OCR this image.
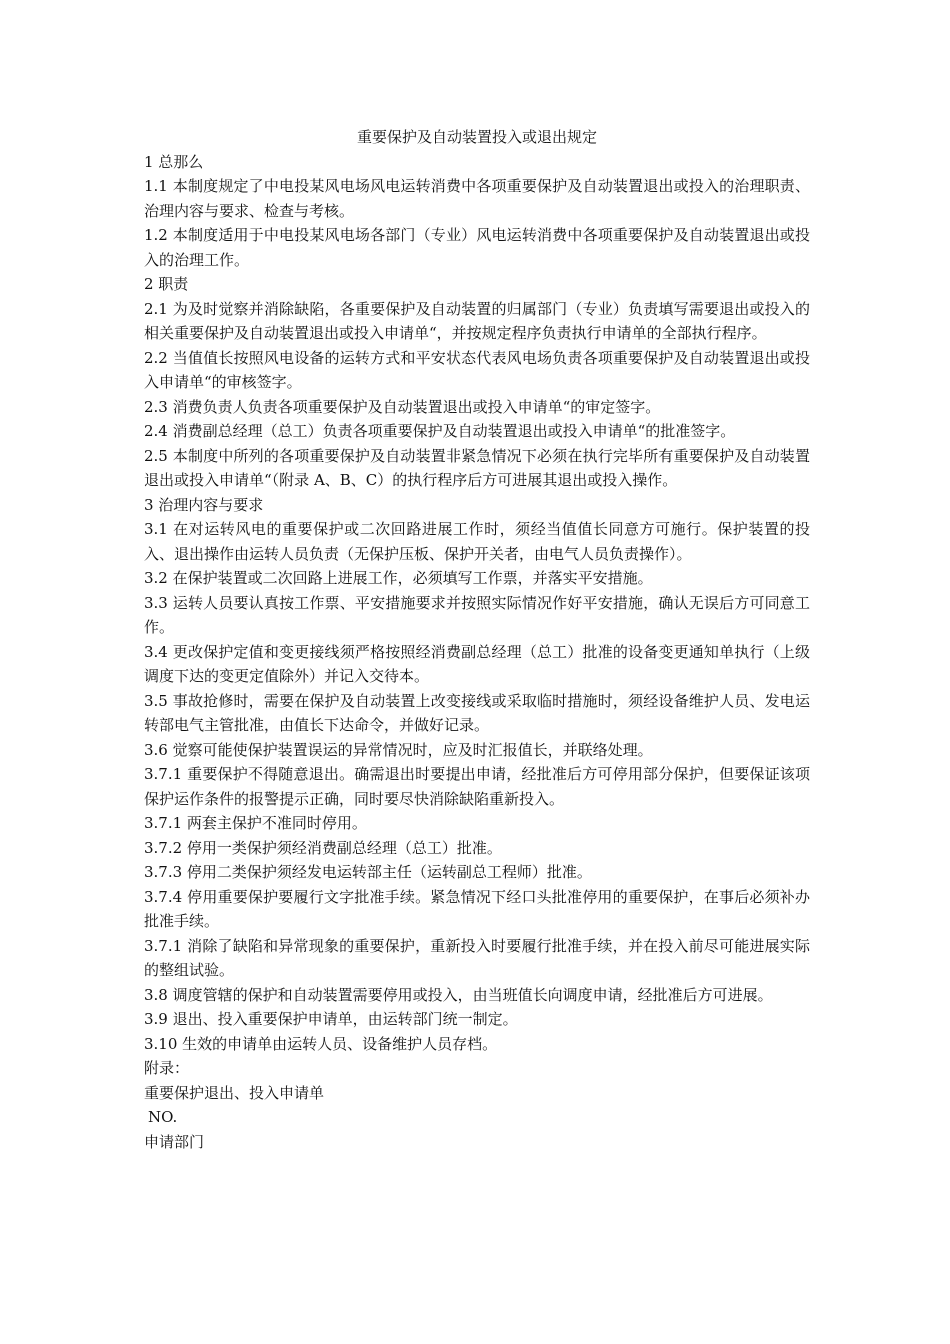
重要保护及自动装置投入或退出规定

1 总那么

1.1 本制度规定了中电投某风电场风电运转消费中各项重要保护及自动装置退出或投入的治理职责、治理内容与要求、检查与考核。

1.2 本制度适用于中电投某风电场各部门（专业）风电运转消费中各项重要保护及自动装置退出或投入的治理工作。

2 职责

2.1 为及时觉察并消除缺陷，各重要保护及自动装置的归属部门（专业）负责填写需要退出或投入的相关重要保护及自动装置退出或投入申请单“，并按规定程序负责执行申请单的全部执行程序。

2.2 当值值长按照风电设备的运转方式和平安状态代表风电场负责各项重要保护及自动装置退出或投入申请单“的审核签字。

2.3 消费负责人负责各项重要保护及自动装置退出或投入申请单“的审定签字。

2.4 消费副总经理（总工）负责各项重要保护及自动装置退出或投入申请单“的批准签字。

2.5 本制度中所列的各项重要保护及自动装置非紧急情况下必须在执行完毕所有重要保护及自动装置退出或投入申请单“（附录 A、B、C）的执行程序后方可进展其退出或投入操作。

3 治理内容与要求

3.1 在对运转风电的重要保护或二次回路进展工作时，须经当值值长同意方可施行。保护装置的投入、退出操作由运转人员负责（无保护压板、保护开关者，由电气人员负责操作）。

3.2 在保护装置或二次回路上进展工作，必须填写工作票，并落实平安措施。

3.3 运转人员要认真按工作票、平安措施要求并按照实际情况作好平安措施，确认无误后方可同意工作。

3.4 更改保护定值和变更接线须严格按照经消费副总经理（总工）批准的设备变更通知单执行（上级调度下达的变更定值除外）并记入交待本。

3.5 事故抢修时，需要在保护及自动装置上改变接线或采取临时措施时，须经设备维护人员、发电运转部电气主管批准，由值长下达命令，并做好记录。

3.6 觉察可能使保护装置误运的异常情况时，应及时汇报值长，并联络处理。

3.7.1 重要保护不得随意退出。确需退出时要提出申请，经批准后方可停用部分保护，但要保证该项保护运作条件的报警提示正确，同时要尽快消除缺陷重新投入。

3.7.1 两套主保护不准同时停用。

3.7.2 停用一类保护须经消费副总经理（总工）批准。

3.7.3 停用二类保护须经发电运转部主任（运转副总工程师）批准。

3.7.4 停用重要保护要履行文字批准手续。紧急情况下经口头批准停用的重要保护，在事后必须补办批准手续。

3.7.1 消除了缺陷和异常现象的重要保护，重新投入时要履行批准手续，并在投入前尽可能进展实际的整组试验。

3.8 调度管辖的保护和自动装置需要停用或投入，由当班值长向调度申请，经批准后方可进展。

3.9 退出、投入重要保护申请单，由运转部门统一制定。

3.10 生效的申请单由运转人员、设备维护人员存档。

附录：

重要保护退出、投入申请单

NO.

申请部门
